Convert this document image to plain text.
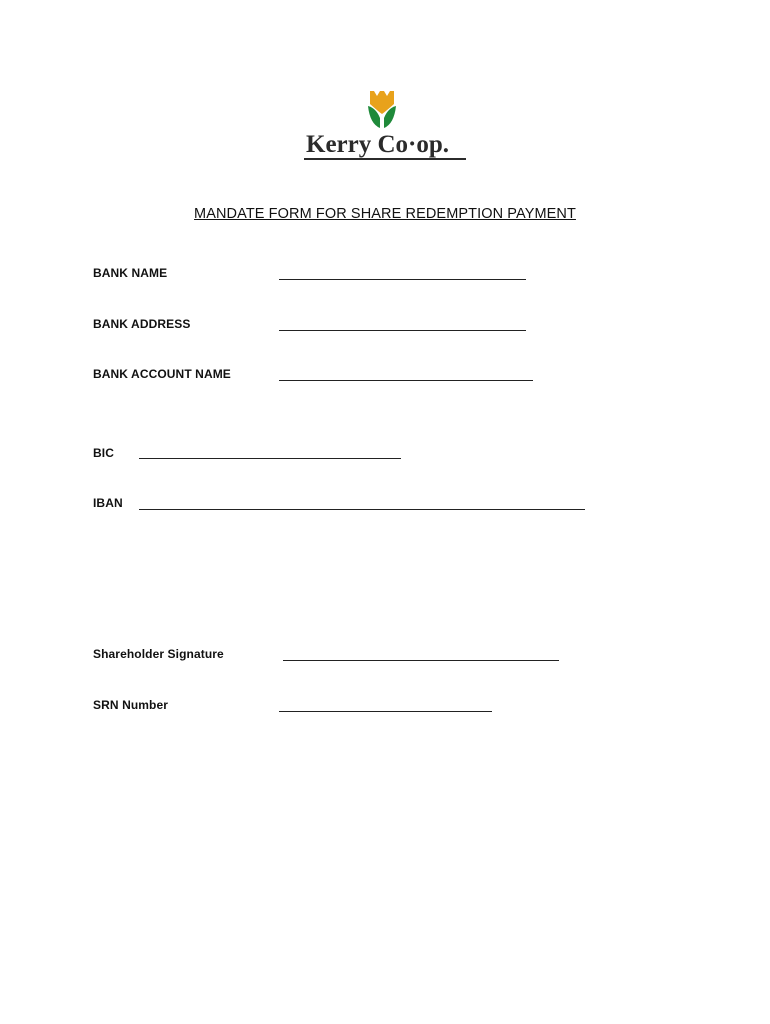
Kerry Co·op.
MANDATE FORM FOR SHARE REDEMPTION PAYMENT
BANK NAME
BANK ADDRESS
BANK ACCOUNT NAME
BIC
IBAN
Shareholder Signature
SRN Number
